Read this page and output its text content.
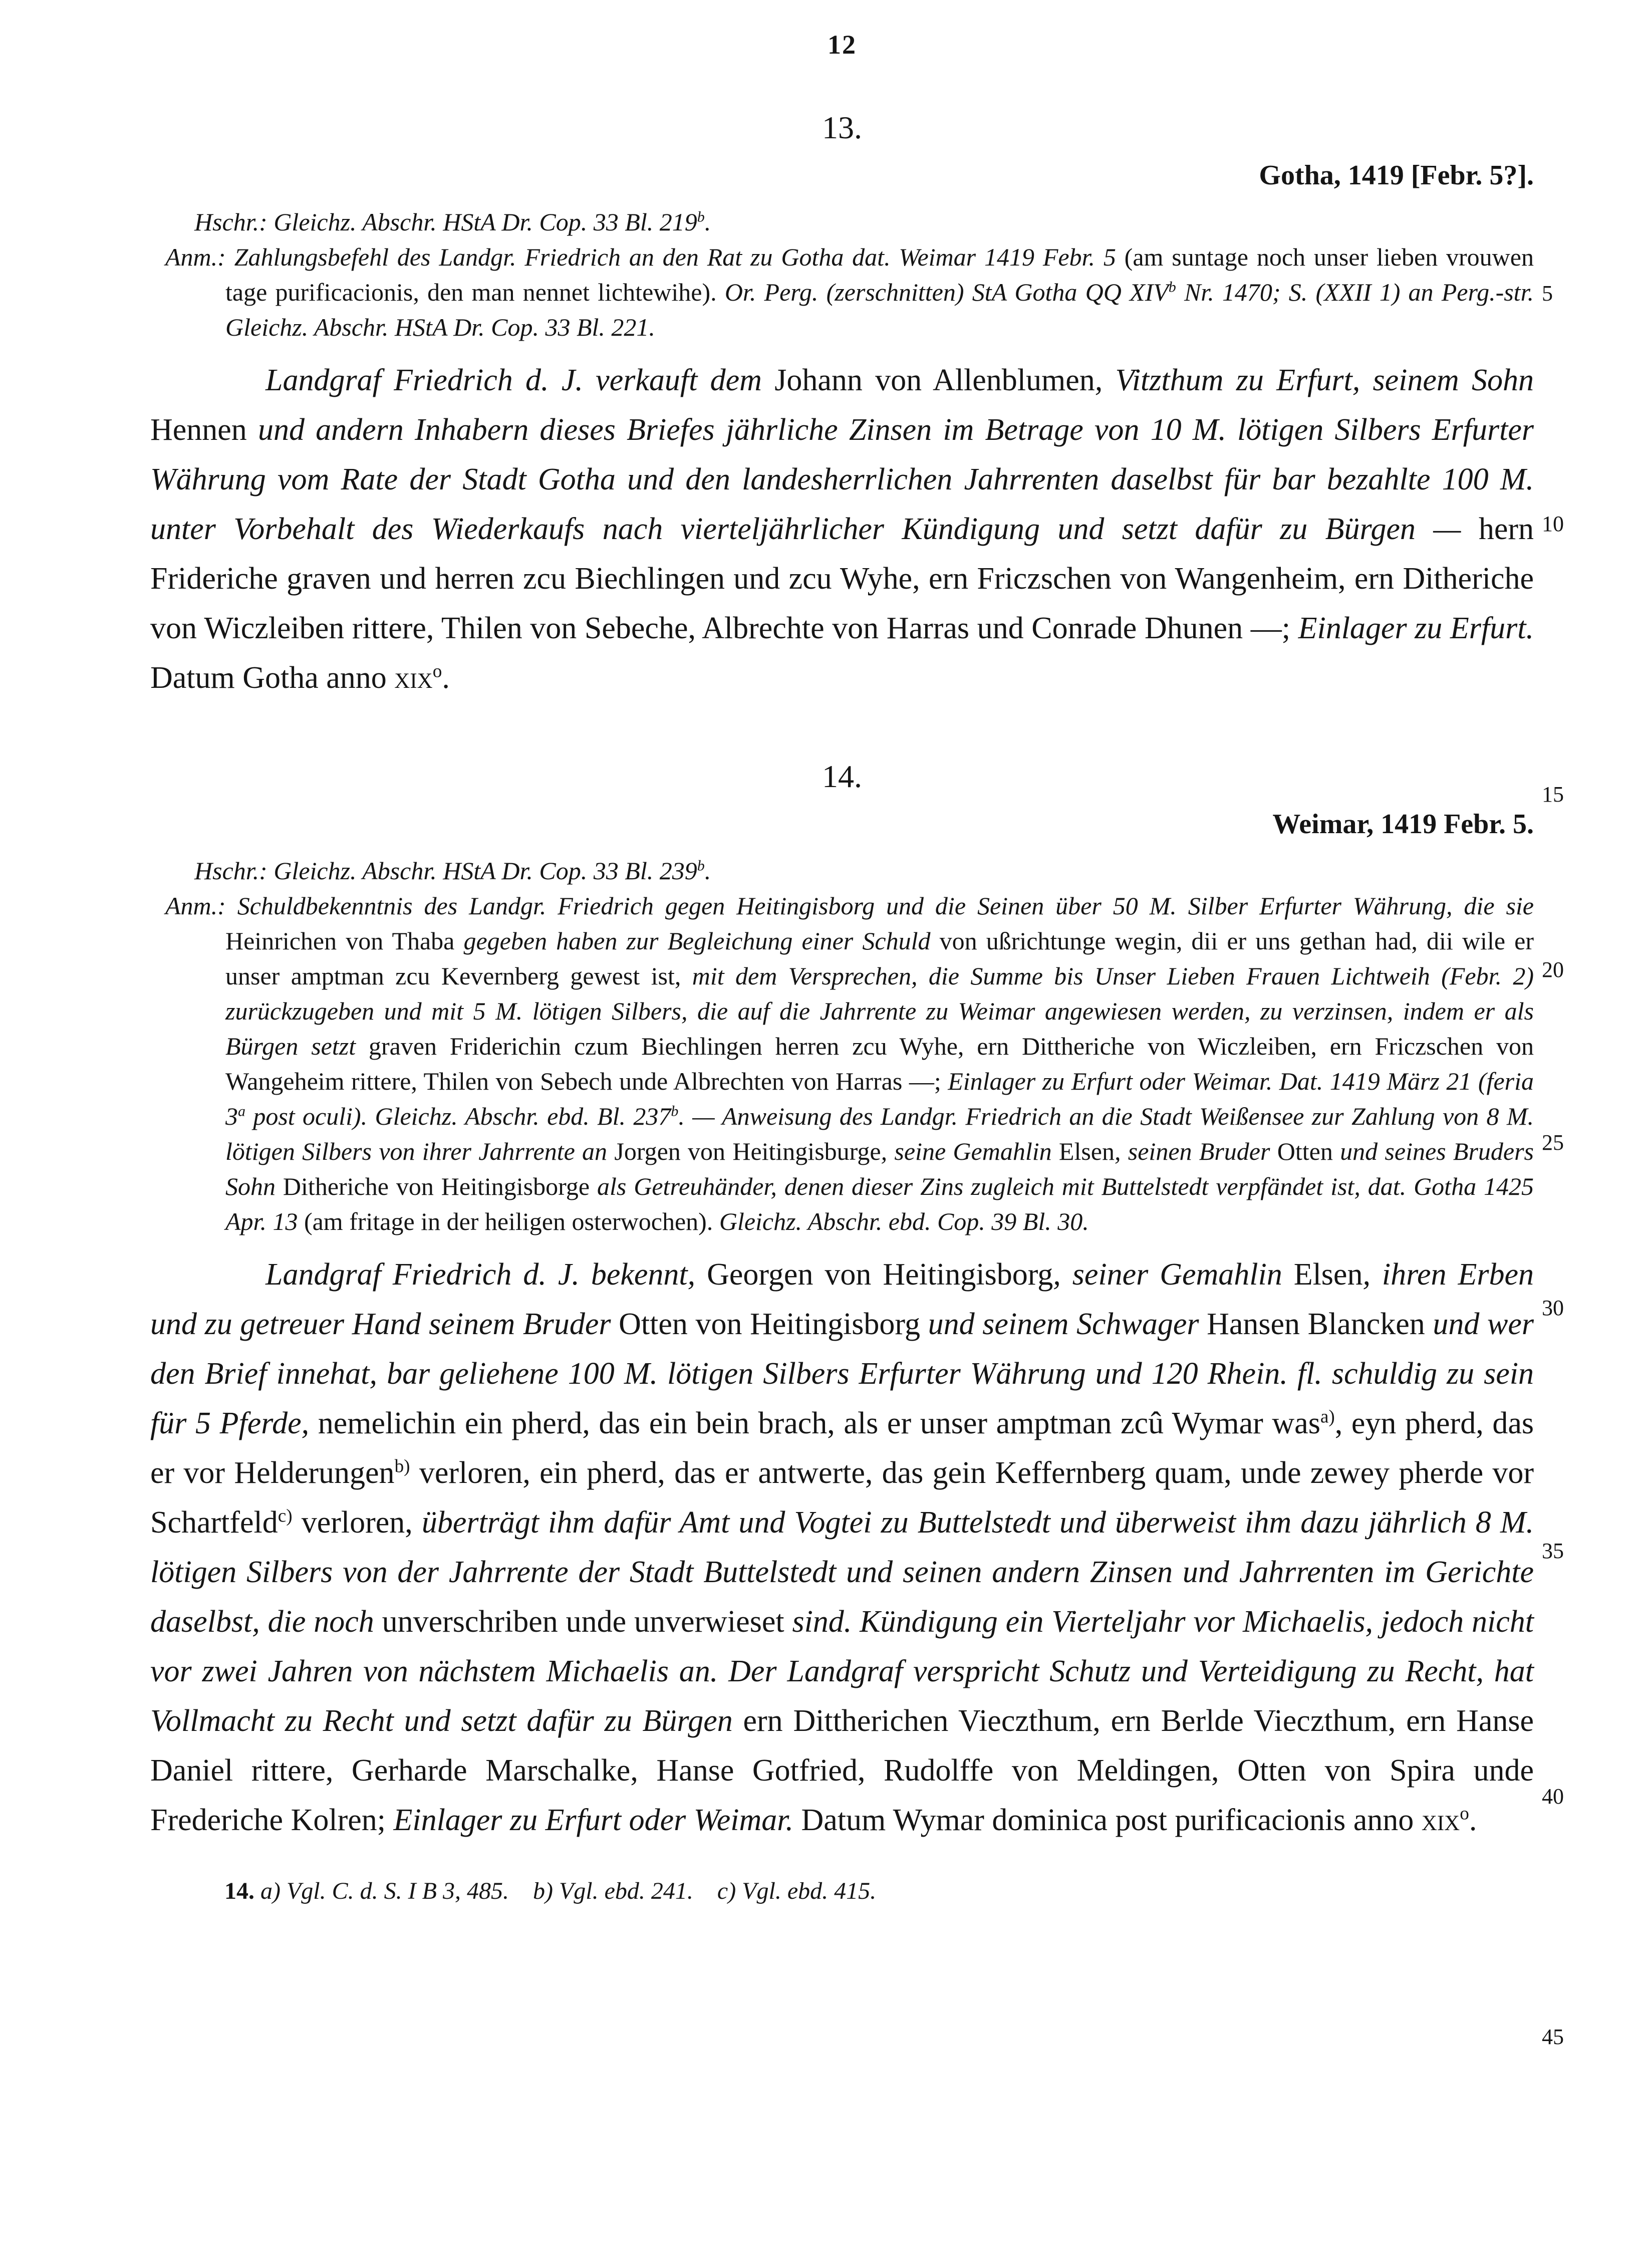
12
13.
Gotha, 1419 [Febr. 5?].
Hschr.: Gleichz. Abschr. HStA Dr. Cop. 33 Bl. 219$^b$.
Anm.: Zahlungsbefehl des Landgr. Friedrich an den Rat zu Gotha dat. Weimar 1419 Febr. 5 (am suntage noch unser lieben vrouwen tage purificacionis, den man nennet lichtewihe). Or. Perg. (zerschnitten) StA Gotha QQ XIV$^b$ Nr. 1470; S. (XXII 1) an Perg.-str. Gleichz. Abschr. HStA Dr. Cop. 33 Bl. 221.
Landgraf Friedrich d. J. verkauft dem Johann von Allenblumen, Vitzthum zu Erfurt, seinem Sohn Hennen und andern Inhabern dieses Briefes jährliche Zinsen im Betrage von 10 M. lötigen Silbers Erfurter Währung vom Rate der Stadt Gotha und den landesherrlichen Jahrrenten daselbst für bar bezahlte 100 M. unter Vorbehalt des Wiederkaufs nach vierteljährlicher Kündigung und setzt dafür zu Bürgen — hern Frideriche graven und herren zcu Biechlingen und zcu Wyhe, ern Friczschen von Wangenheim, ern Ditheriche von Wiczleiben rittere, Thilen von Sebeche, Albrechte von Harras und Conrade Dhunen —; Einlager zu Erfurt. Datum Gotha anno xix$^o$.
14.
Weimar, 1419 Febr. 5.
Hschr.: Gleichz. Abschr. HStA Dr. Cop. 33 Bl. 239$^b$.
Anm.: Schuldbekenntnis des Landgr. Friedrich gegen Heitingisborg und die Seinen über 50 M. Silber Erfurter Währung, die sie Heinrichen von Thaba gegeben haben zur Begleichung einer Schuld von ußrichtunge wegin, dii er uns gethan had, dii wile er unser amptman zcu Kevernberg gewest ist, mit dem Versprechen, die Summe bis Unser Lieben Frauen Lichtweih (Febr. 2) zurückzugeben und mit 5 M. lötigen Silbers, die auf die Jahrrente zu Weimar angewiesen werden, zu verzinsen, indem er als Bürgen setzt graven Friderichin czum Biechlingen herren zcu Wyhe, ern Dittheriche von Wiczleiben, ern Friczschen von Wangeheim rittere, Thilen von Sebech unde Albrechten von Harras —; Einlager zu Erfurt oder Weimar. Dat. 1419 März 21 (feria 3$^a$ post oculi). Gleichz. Abschr. ebd. Bl. 237$^b$. — Anweisung des Landgr. Friedrich an die Stadt Weißensee zur Zahlung von 8 M. lötigen Silbers von ihrer Jahrrente an Jorgen von Heitingisburge, seine Gemahlin Elsen, seinen Bruder Otten und seines Bruders Sohn Ditheriche von Heitingisborge als Getreuhänder, denen dieser Zins zugleich mit Buttelstedt verpfändet ist, dat. Gotha 1425 Apr. 13 (am fritage in der heiligen osterwochen). Gleichz. Abschr. ebd. Cop. 39 Bl. 30.
Landgraf Friedrich d. J. bekennt, Georgen von Heitingisborg, seiner Gemahlin Elsen, ihren Erben und zu getreuer Hand seinem Bruder Otten von Heitingisborg und seinem Schwager Hansen Blancken und wer den Brief innehat, bar geliehene 100 M. lötigen Silbers Erfurter Währung und 120 Rhein. fl. schuldig zu sein für 5 Pferde, nemelichin ein pherd, das ein bein brach, als er unser amptman zcû Wymar was$^{a)}$, eyn pherd, das er vor Helderungen$^{b)}$ verloren, ein pherd, das er antwerte, das gein Keffernberg quam, unde zewey pherde vor Schartfeld$^{c)}$ verloren, überträgt ihm dafür Amt und Vogtei zu Buttelstedt und überweist ihm dazu jährlich 8 M. lötigen Silbers von der Jahrrente der Stadt Buttelstedt und seinen andern Zinsen und Jahrrenten im Gerichte daselbst, die noch unverschriben unde unverwieset sind. Kündigung ein Vierteljahr vor Michaelis, jedoch nicht vor zwei Jahren von nächstem Michaelis an. Der Landgraf verspricht Schutz und Verteidigung zu Recht, hat Vollmacht zu Recht und setzt dafür zu Bürgen ern Dittherichen Vieczthum, ern Berlde Vieczthum, ern Hanse Daniel rittere, Gerharde Marschalke, Hanse Gotfried, Rudolffe von Meldingen, Otten von Spira unde Frederiche Kolren; Einlager zu Erfurt oder Weimar. Datum Wymar dominica post purificacionis anno xix$^o$.
14. a) Vgl. C. d. S. I B 3, 485. b) Vgl. ebd. 241. c) Vgl. ebd. 415.
5
10
15
20
25
30
35
40
45
